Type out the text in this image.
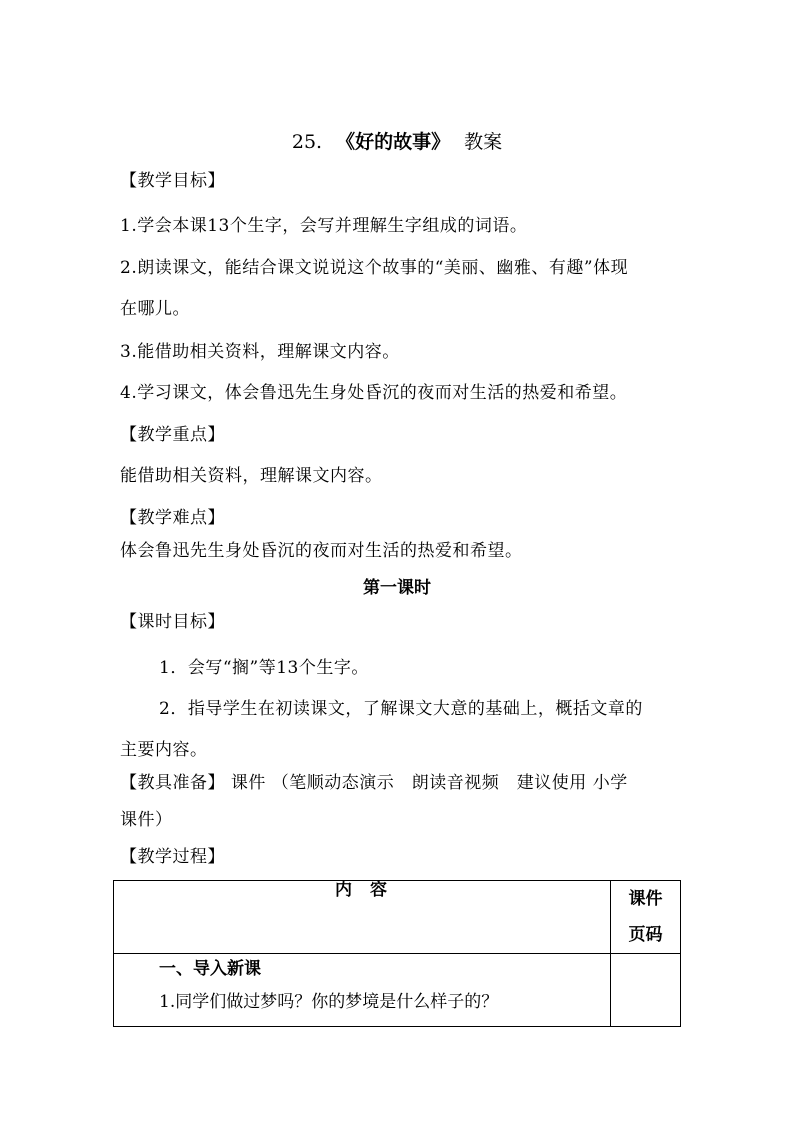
25. 《好的故事》 教案
【教学目标】
1.学会本课13个生字，会写并理解生字组成的词语。
2.朗读课文，能结合课文说说这个故事的“美丽、幽雅、有趣”体现
在哪儿。
3.能借助相关资料，理解课文内容。
4.学习课文，体会鲁迅先生身处昏沉的夜而对生活的热爱和希望。
【教学重点】
能借助相关资料，理解课文内容。
【教学难点】
体会鲁迅先生身处昏沉的夜而对生活的热爱和希望。
第一课时
【课时目标】
1．会写“搁”等13个生字。
2．指导学生在初读课文，了解课文大意的基础上，概括文章的
主要内容。
【教具准备】 课件 （笔顺动态演示　朗读音视频　建议使用 小学
课件）
【教学过程】
内 容	课件
页码

一、导入新课
1.同学们做过梦吗？你的梦境是什么样子的？	
